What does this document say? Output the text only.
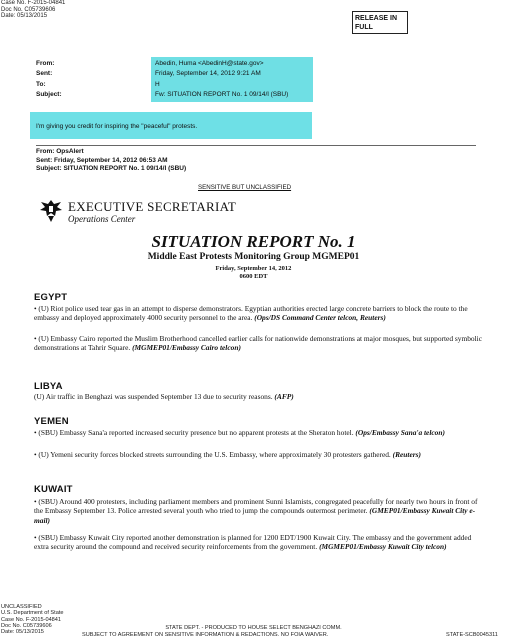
Case No. F-2015-04841
Doc No. C05739606
Date: 05/13/2015	RELEASE IN
FULL
From:	Abedin, Huma <AbedinH@state.gov>
Sent:	Friday, September 14, 2012 9:21 AM
To:	H
Subject:	Fw: SITUATION REPORT No. 1 09/14/l (SBU)
I'm giving you credit for inspiring the "peaceful" protests.
From: OpsAlert
Sent: Friday, September 14, 2012 06:53 AM
Subject: SITUATION REPORT No. 1 09/14/I (SBU)
SENSITIVE BUT UNCLASSIFIED
EXECUTIVE SECRETARIAT
Operations Center
SITUATION REPORT No. 1
Middle East Protests Monitoring Group MGMEP01
Friday, September 14, 2012
0600 EDT
EGYPT
• (U) Riot police used tear gas in an attempt to disperse demonstrators. Egyptian authorities erected large concrete barriers to block the route to the embassy and deployed approximately 4000 security personnel to the area. (Ops/DS Command Center telcon, Reuters)
• (U) Embassy Cairo reported the Muslim Brotherhood cancelled earlier calls for nationwide demonstrations at major mosques, but supported symbolic demonstrations at Tahrir Square. (MGMEP01/Embassy Cairo telcon)
LIBYA
(U) Air traffic in Benghazi was suspended September 13 due to security reasons. (AFP)
YEMEN
• (SBU) Embassy Sana'a reported increased security presence but no apparent protests at the Sheraton hotel. (Ops/Embassy Sana'a telcon)
• (U) Yemeni security forces blocked streets surrounding the U.S. Embassy, where approximately 30 protesters gathered. (Reuters)
KUWAIT
• (SBU) Around 400 protesters, including parliament members and prominent Sunni Islamists, congregated peacefully for nearly two hours in front of the Embassy September 13. Police arrested several youth who tried to jump the compounds outermost perimeter. (GMEP01/Embassy Kuwait City e-mail)
• (SBU) Embassy Kuwait City reported another demonstration is planned for 1200 EDT/1900 Kuwait City. The embassy and the government added extra security around the compound and received security reinforcements from the government. (MGMEP01/Embassy Kuwait City telcon)
UNCLASSIFIED
U.S. Department of State
Case No. F-2015-04841
Doc No. C05739606
Date: 05/13/2015
STATE DEPT. - PRODUCED TO HOUSE SELECT BENGHAZI COMM.
SUBJECT TO AGREEMENT ON SENSITIVE INFORMATION & REDACTIONS. NO FOIA WAIVER.	STATE-SCB0045311
